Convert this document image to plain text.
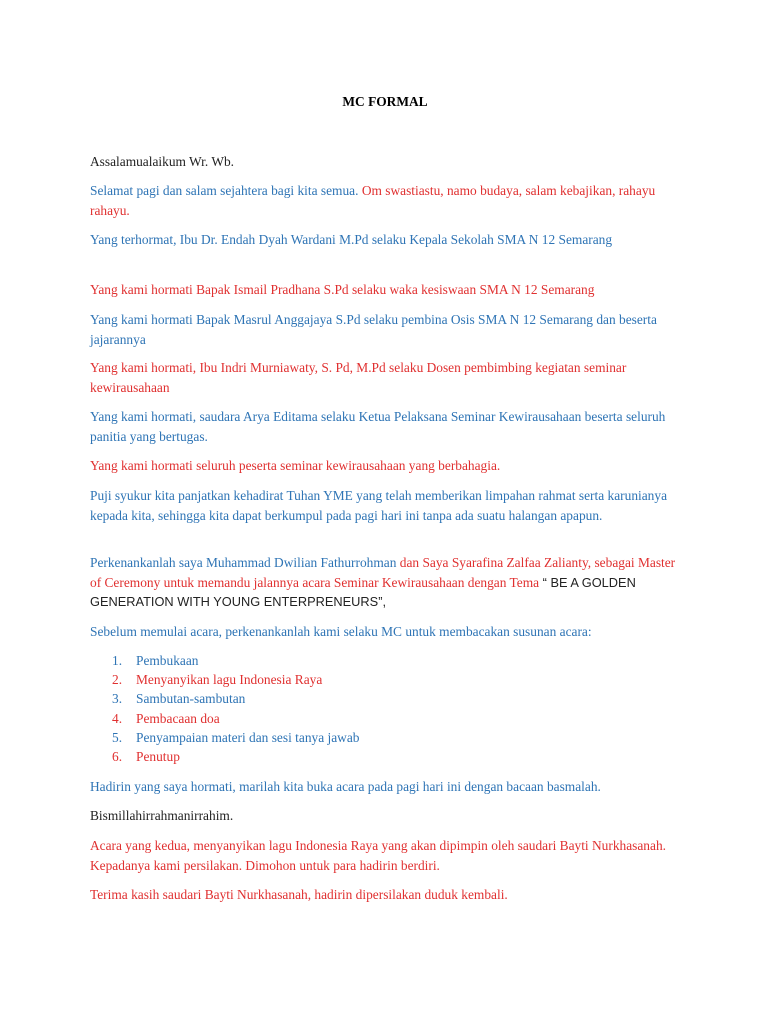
MC FORMAL

Assalamualaikum Wr. Wb.

Selamat pagi dan salam sejahtera bagi kita semua. Om swastiastu, namo budaya, salam kebajikan, rahayu rahayu.

Yang terhormat, Ibu Dr. Endah Dyah Wardani M.Pd selaku Kepala Sekolah SMA N 12 Semarang

Yang kami hormati Bapak Ismail Pradhana S.Pd selaku waka kesiswaan SMA N 12 Semarang

Yang kami hormati Bapak Masrul Anggajaya S.Pd selaku pembina Osis SMA N 12 Semarang dan beserta jajarannya

Yang kami hormati, Ibu Indri Murniawaty, S. Pd, M.Pd selaku Dosen pembimbing kegiatan seminar kewirausahaan

Yang kami hormati, saudara Arya Editama selaku Ketua Pelaksana Seminar Kewirausahaan beserta seluruh panitia yang bertugas.

Yang kami hormati seluruh peserta seminar kewirausahaan yang berbahagia.

Puji syukur kita panjatkan kehadirat Tuhan YME yang telah memberikan limpahan rahmat serta karunianya kepada kita, sehingga kita dapat berkumpul pada pagi hari ini tanpa ada suatu halangan apapun.

Perkenankanlah saya Muhammad Dwilian Fathurrohman dan Saya Syarafina Zalfaa Zalianty, sebagai Master of Ceremony untuk memandu jalannya acara Seminar Kewirausahaan dengan Tema “ BE A GOLDEN GENERATION WITH YOUNG ENTERPRENEURS”,

Sebelum memulai acara, perkenankanlah kami selaku MC untuk membacakan susunan acara:

1. Pembukaan
2. Menyanyikan lagu Indonesia Raya
3. Sambutan-sambutan
4. Pembacaan doa
5. Penyampaian materi dan sesi tanya jawab
6. Penutup

Hadirin yang saya hormati, marilah kita buka acara pada pagi hari ini dengan bacaan basmalah.

Bismillahirrahmanirrahim.

Acara yang kedua, menyanyikan lagu Indonesia Raya yang akan dipimpin oleh saudari Bayti Nurkhasanah. Kepadanya kami persilakan. Dimohon untuk para hadirin berdiri.

Terima kasih saudari Bayti Nurkhasanah, hadirin dipersilakan duduk kembali.
